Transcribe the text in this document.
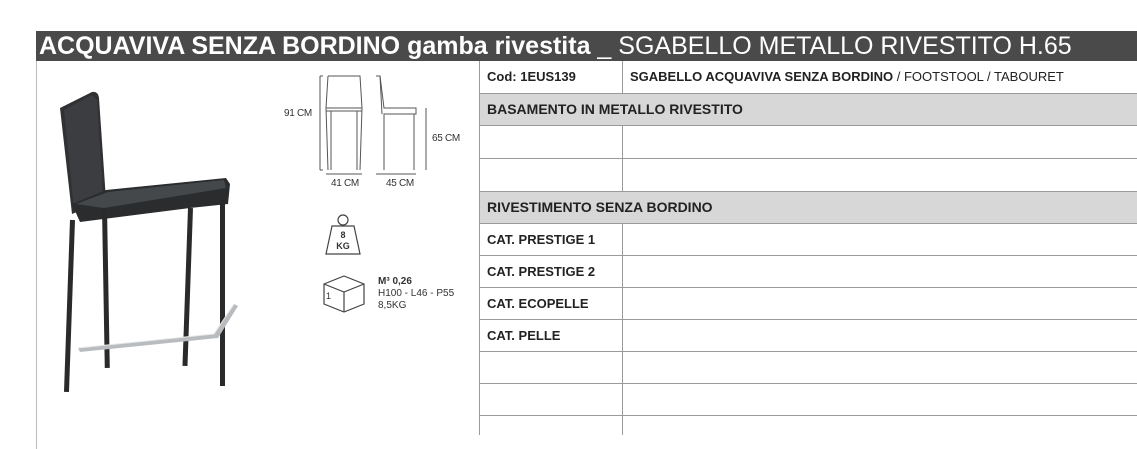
ACQUAVIVA SENZA BORDINO gamba rivestita _ SGABELLO METALLO RIVESTITO H.65
91 CM
65 CM
41 CM	45 CM
8
KG
1
M³ 0,26
H100 - L46 - P55
8,5KG
Cod: 1EUS139	SGABELLO ACQUAVIVA SENZA BORDINO / FOOTSTOOL / TABOURET
BASAMENTO IN METALLO RIVESTITO	

RIVESTIMENTO SENZA BORDINO	
CAT. PRESTIGE 1	
CAT. PRESTIGE 2	
CAT. ECOPELLE	
CAT. PELLE	
